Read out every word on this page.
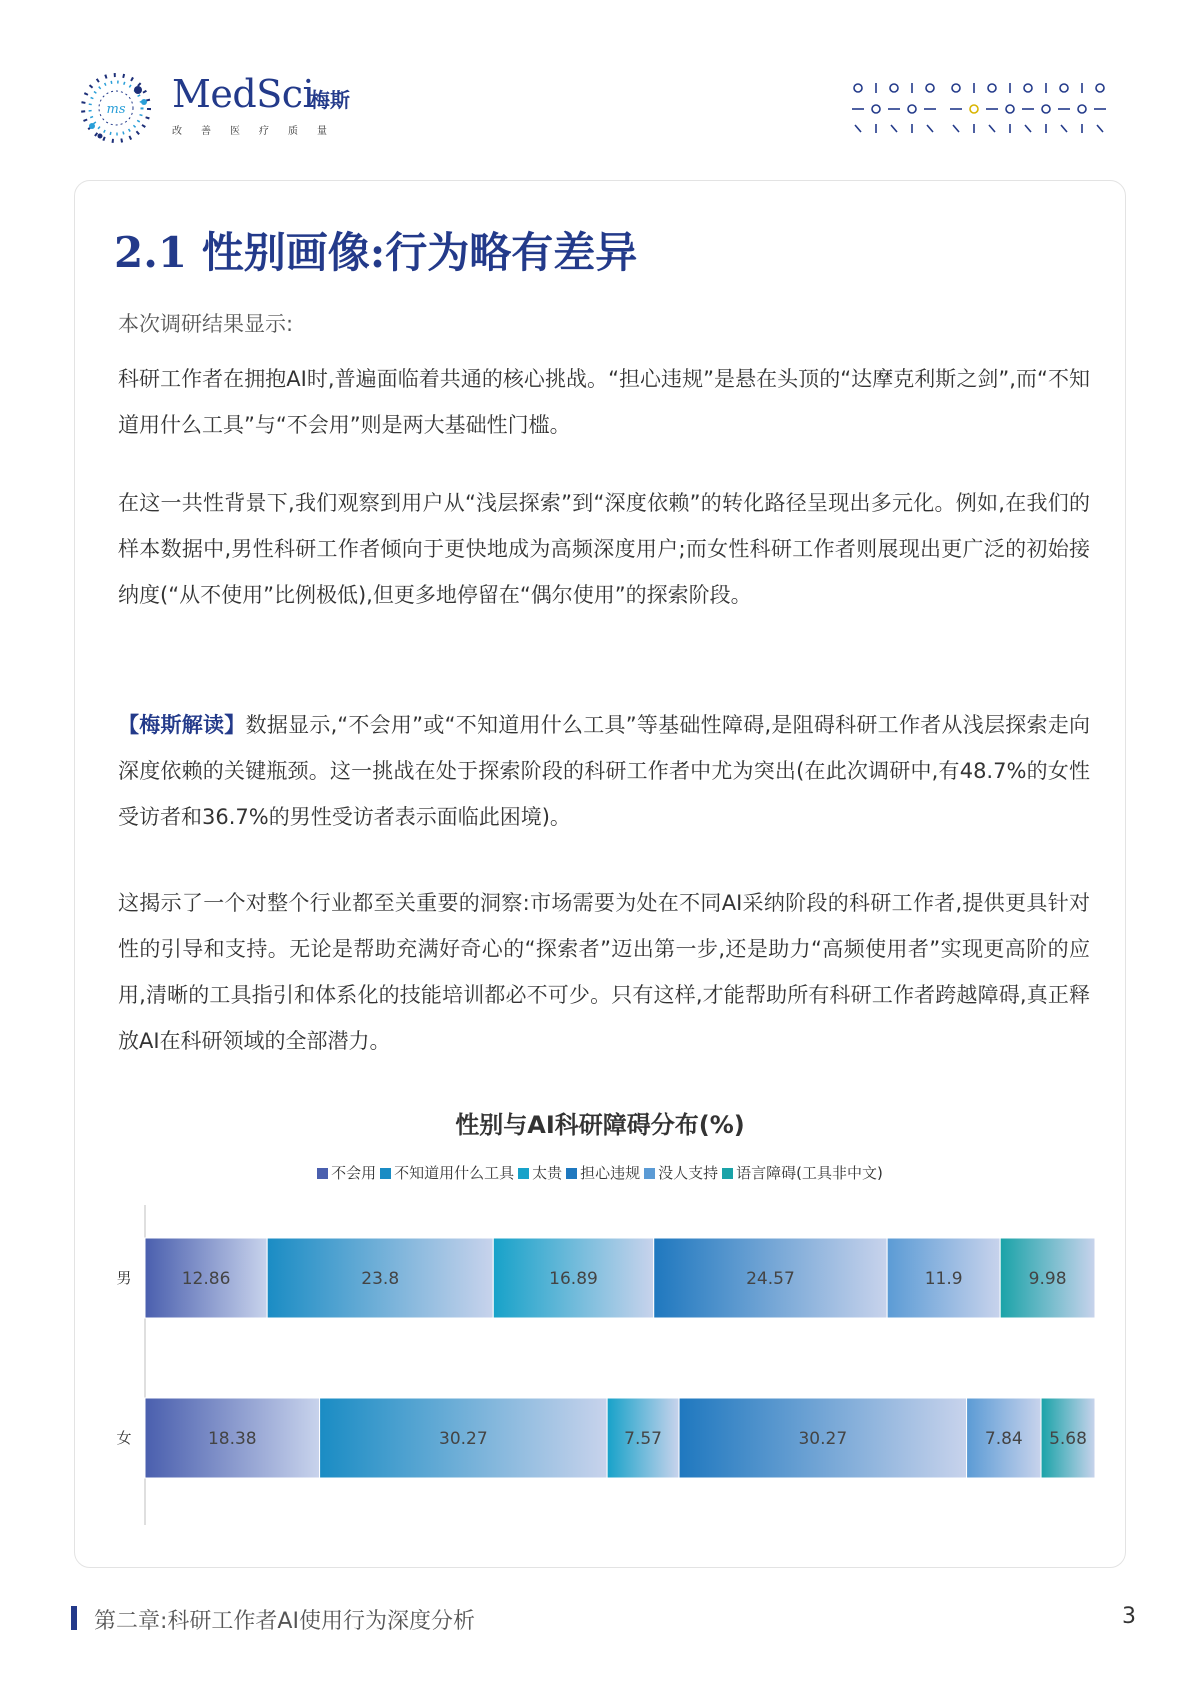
ms MedSci
梅斯
改善医疗质量
2.1 性别画像:行为略有差异

本次调研结果显示:

科研工作者在拥抱AI时,普遍面临着共通的核心挑战。“担心违规”是悬在头顶的“达摩克利斯之剑”,而“不知道用什么工具”与“不会用”则是两大基础性门槛。

在这一共性背景下,我们观察到用户从“浅层探索”到“深度依赖”的转化路径呈现出多元化。例如,在我们的样本数据中,男性科研工作者倾向于更快地成为高频深度用户;而女性科研工作者则展现出更广泛的初始接纳度(“从不使用”比例极低),但更多地停留在“偶尔使用”的探索阶段。

【梅斯解读】数据显示,“不会用”或“不知道用什么工具”等基础性障碍,是阻碍科研工作者从浅层探索走向深度依赖的关键瓶颈。这一挑战在处于探索阶段的科研工作者中尤为突出(在此次调研中,有48.7%的女性受访者和36.7%的男性受访者表示面临此困境)。

这揭示了一个对整个行业都至关重要的洞察:市场需要为处在不同AI采纳阶段的科研工作者,提供更具针对性的引导和支持。无论是帮助充满好奇心的“探索者”迈出第一步,还是助力“高频使用者”实现更高阶的应用,清晰的工具指引和体系化的技能培训都必不可少。只有这样,才能帮助所有科研工作者跨越障碍,真正释放AI在科研领域的全部潜力。

性别与AI科研障碍分布(%)
不会用 不知道用什么工具 太贵 担心违规 没人支持 语言障碍(工具非中文)
男	12.86	23.8	16.89	24.57	11.9	9.98
女	18.38	30.27	7.57	30.27	7.84 5.68
第二章:科研工作者AI使用行为深度分析	3
